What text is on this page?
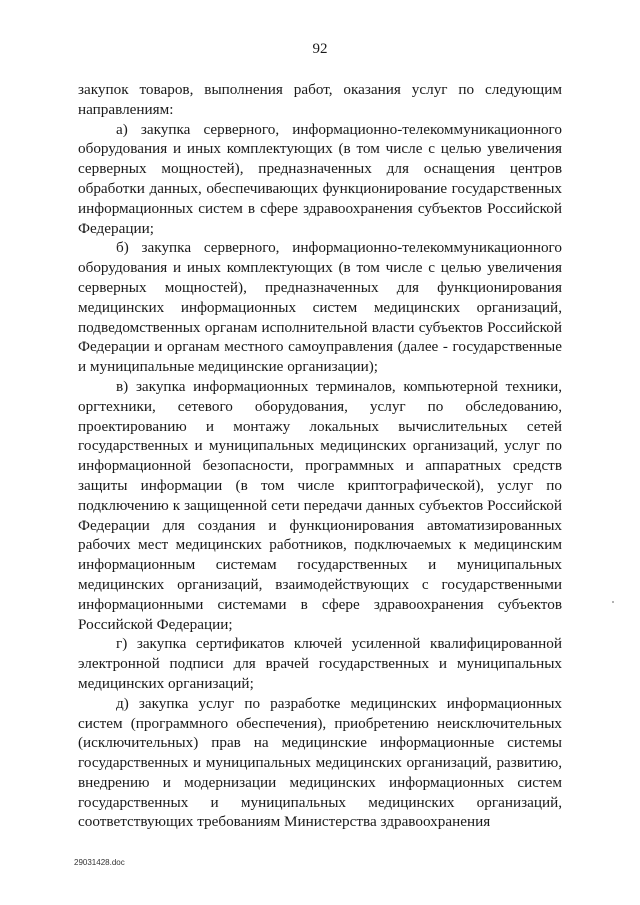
92

закупок товаров, выполнения работ, оказания услуг по следующим направлениям:

а) закупка серверного, информационно-телекоммуникационного оборудования и иных комплектующих (в том числе с целью увеличения серверных мощностей), предназначенных для оснащения центров обработки данных, обеспечивающих функционирование государственных информационных систем в сфере здравоохранения субъектов Российской Федерации;

б) закупка серверного, информационно-телекоммуникационного оборудования и иных комплектующих (в том числе с целью увеличения серверных мощностей), предназначенных для функционирования медицинских информационных систем медицинских организаций, подведомственных органам исполнительной власти субъектов Российской Федерации и органам местного самоуправления (далее - государственные и муниципальные медицинские организации);

в) закупка информационных терминалов, компьютерной техники, оргтехники, сетевого оборудования, услуг по обследованию, проектированию и монтажу локальных вычислительных сетей государственных и муниципальных медицинских организаций, услуг по информационной безопасности, программных и аппаратных средств защиты информации (в том числе криптографической), услуг по подключению к защищенной сети передачи данных субъектов Российской Федерации для создания и функционирования автоматизированных рабочих мест медицинских работников, подключаемых к медицинским информационным системам государственных и муниципальных медицинских организаций, взаимодействующих с государственными информационными системами в сфере здравоохранения субъектов Российской Федерации;

г) закупка сертификатов ключей усиленной квалифицированной электронной подписи для врачей государственных и муниципальных медицинских организаций;

д) закупка услуг по разработке медицинских информационных систем (программного обеспечения), приобретению неисключительных (исключительных) прав на медицинские информационные системы государственных и муниципальных медицинских организаций, развитию, внедрению и модернизации медицинских информационных систем государственных и муниципальных медицинских организаций, соответствующих требованиям Министерства здравоохранения

29031428.doc
